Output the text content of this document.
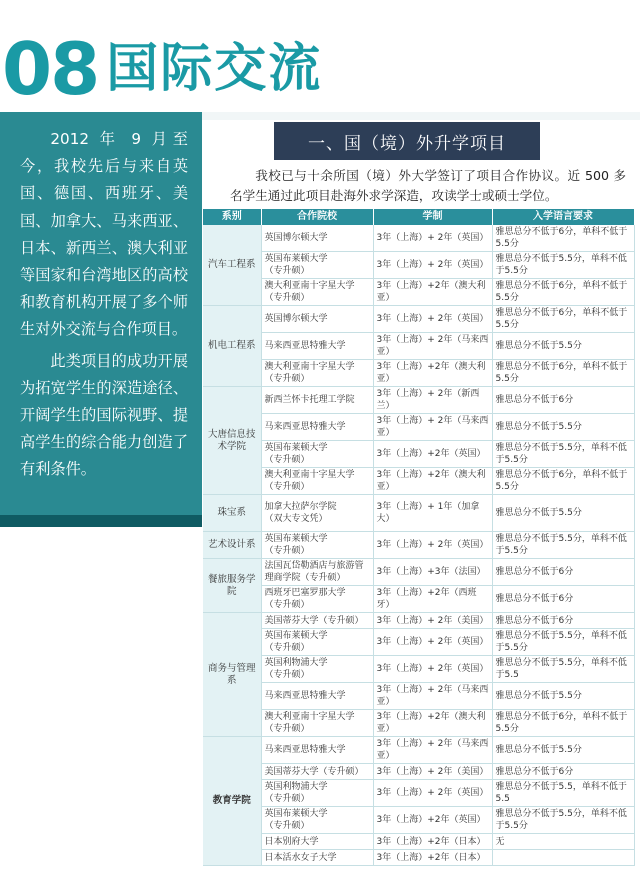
08 国际交流

2012 年 9 月至今，我校先后与来自英国、德国、西班牙、美国、加拿大、马来西亚、日本、新西兰、澳大利亚等国家和台湾地区的高校和教育机构开展了多个师生对外交流与合作项目。

此类项目的成功开展为拓宽学生的深造途径、开阔学生的国际视野、提高学生的综合能力创造了有利条件。

一、国（境）外升学项目
我校已与十余所国（境）外大学签订了项目合作协议。近 500 多名学生通过此项目赴海外求学深造，攻读学士或硕士学位。
系别	合作院校	学制	入学语言要求
汽车工程系	英国博尔顿大学	3年（上海）+ 2年（英国）	雅思总分不低于6分，单科不低于5.5分
	英国布莱顿大学
（专升硕）	3年（上海）+ 2年（英国）	雅思总分不低于5.5分，单科不低于5.5分
	澳大利亚南十字星大学
（专升硕）	3年（上海）+2年（澳大利亚）	雅思总分不低于6分，单科不低于5.5分
机电工程系	英国博尔顿大学	3年（上海）+ 2年（英国）	雅思总分不低于6分，单科不低于5.5分
	马来西亚思特雅大学	3年（上海）+ 2年（马来西亚）	雅思总分不低于5.5分
	澳大利亚南十字星大学
（专升硕）	3年（上海）+2年（澳大利亚）	雅思总分不低于6分，单科不低于5.5分
大唐信息技术学院	新西兰怀卡托理工学院	3年（上海）+ 2年（新西兰）	雅思总分不低于6分
	马来西亚思特雅大学	3年（上海）+ 2年（马来西亚）	雅思总分不低于5.5分
	英国布莱顿大学
（专升硕）	3年（上海）+2年（英国）	雅思总分不低于5.5分，单科不低于5.5分
	澳大利亚南十字星大学
（专升硕）	3年（上海）+2年（澳大利亚）	雅思总分不低于6分，单科不低于5.5分
珠宝系	加拿大拉萨尔学院
（双大专文凭）	3年（上海）+ 1年（加拿大）	雅思总分不低于5.5分
艺术设计系	英国布莱顿大学
（专升硕）	3年（上海）+ 2年（英国）	雅思总分不低于5.5分，单科不低于5.5分
餐旅服务学院	法国瓦岱勒酒店与旅游管理商学院（专升硕）	3年（上海）+3年（法国）	雅思总分不低于6分
	西班牙巴塞罗那大学
（专升硕）	3年（上海）+2年（西班牙）	雅思总分不低于6分
商务与管理系	美国蒂芬大学（专升硕）	3年（上海）+ 2年（美国）	雅思总分不低于6分
	英国布莱顿大学
（专升硕）	3年（上海）+ 2年（英国）	雅思总分不低于5.5分，单科不低于5.5分
	英国利物浦大学
（专升硕）	3年（上海）+ 2年（英国）	雅思总分不低于5.5分，单科不低于5.5
	马来西亚思特雅大学	3年（上海）+ 2年（马来西亚）	雅思总分不低于5.5分
	澳大利亚南十字星大学
（专升硕）	3年（上海）+2年（澳大利亚）	雅思总分不低于6分，单科不低于5.5分
教育学院	马来西亚思特雅大学	3年（上海）+ 2年（马来西亚）	雅思总分不低于5.5分
	美国蒂芬大学（专升硕）	3年（上海）+ 2年（美国）	雅思总分不低于6分
	英国利物浦大学
（专升硕）	3年（上海）+ 2年（英国）	雅思总分不低于5.5，单科不低于5.5
	英国布莱顿大学
（专升硕）	3年（上海）+2年（英国）	雅思总分不低于5.5分，单科不低于5.5分
	日本别府大学	3年（上海）+2年（日本）	无
	日本活水女子大学	3年（上海）+2年（日本）	
